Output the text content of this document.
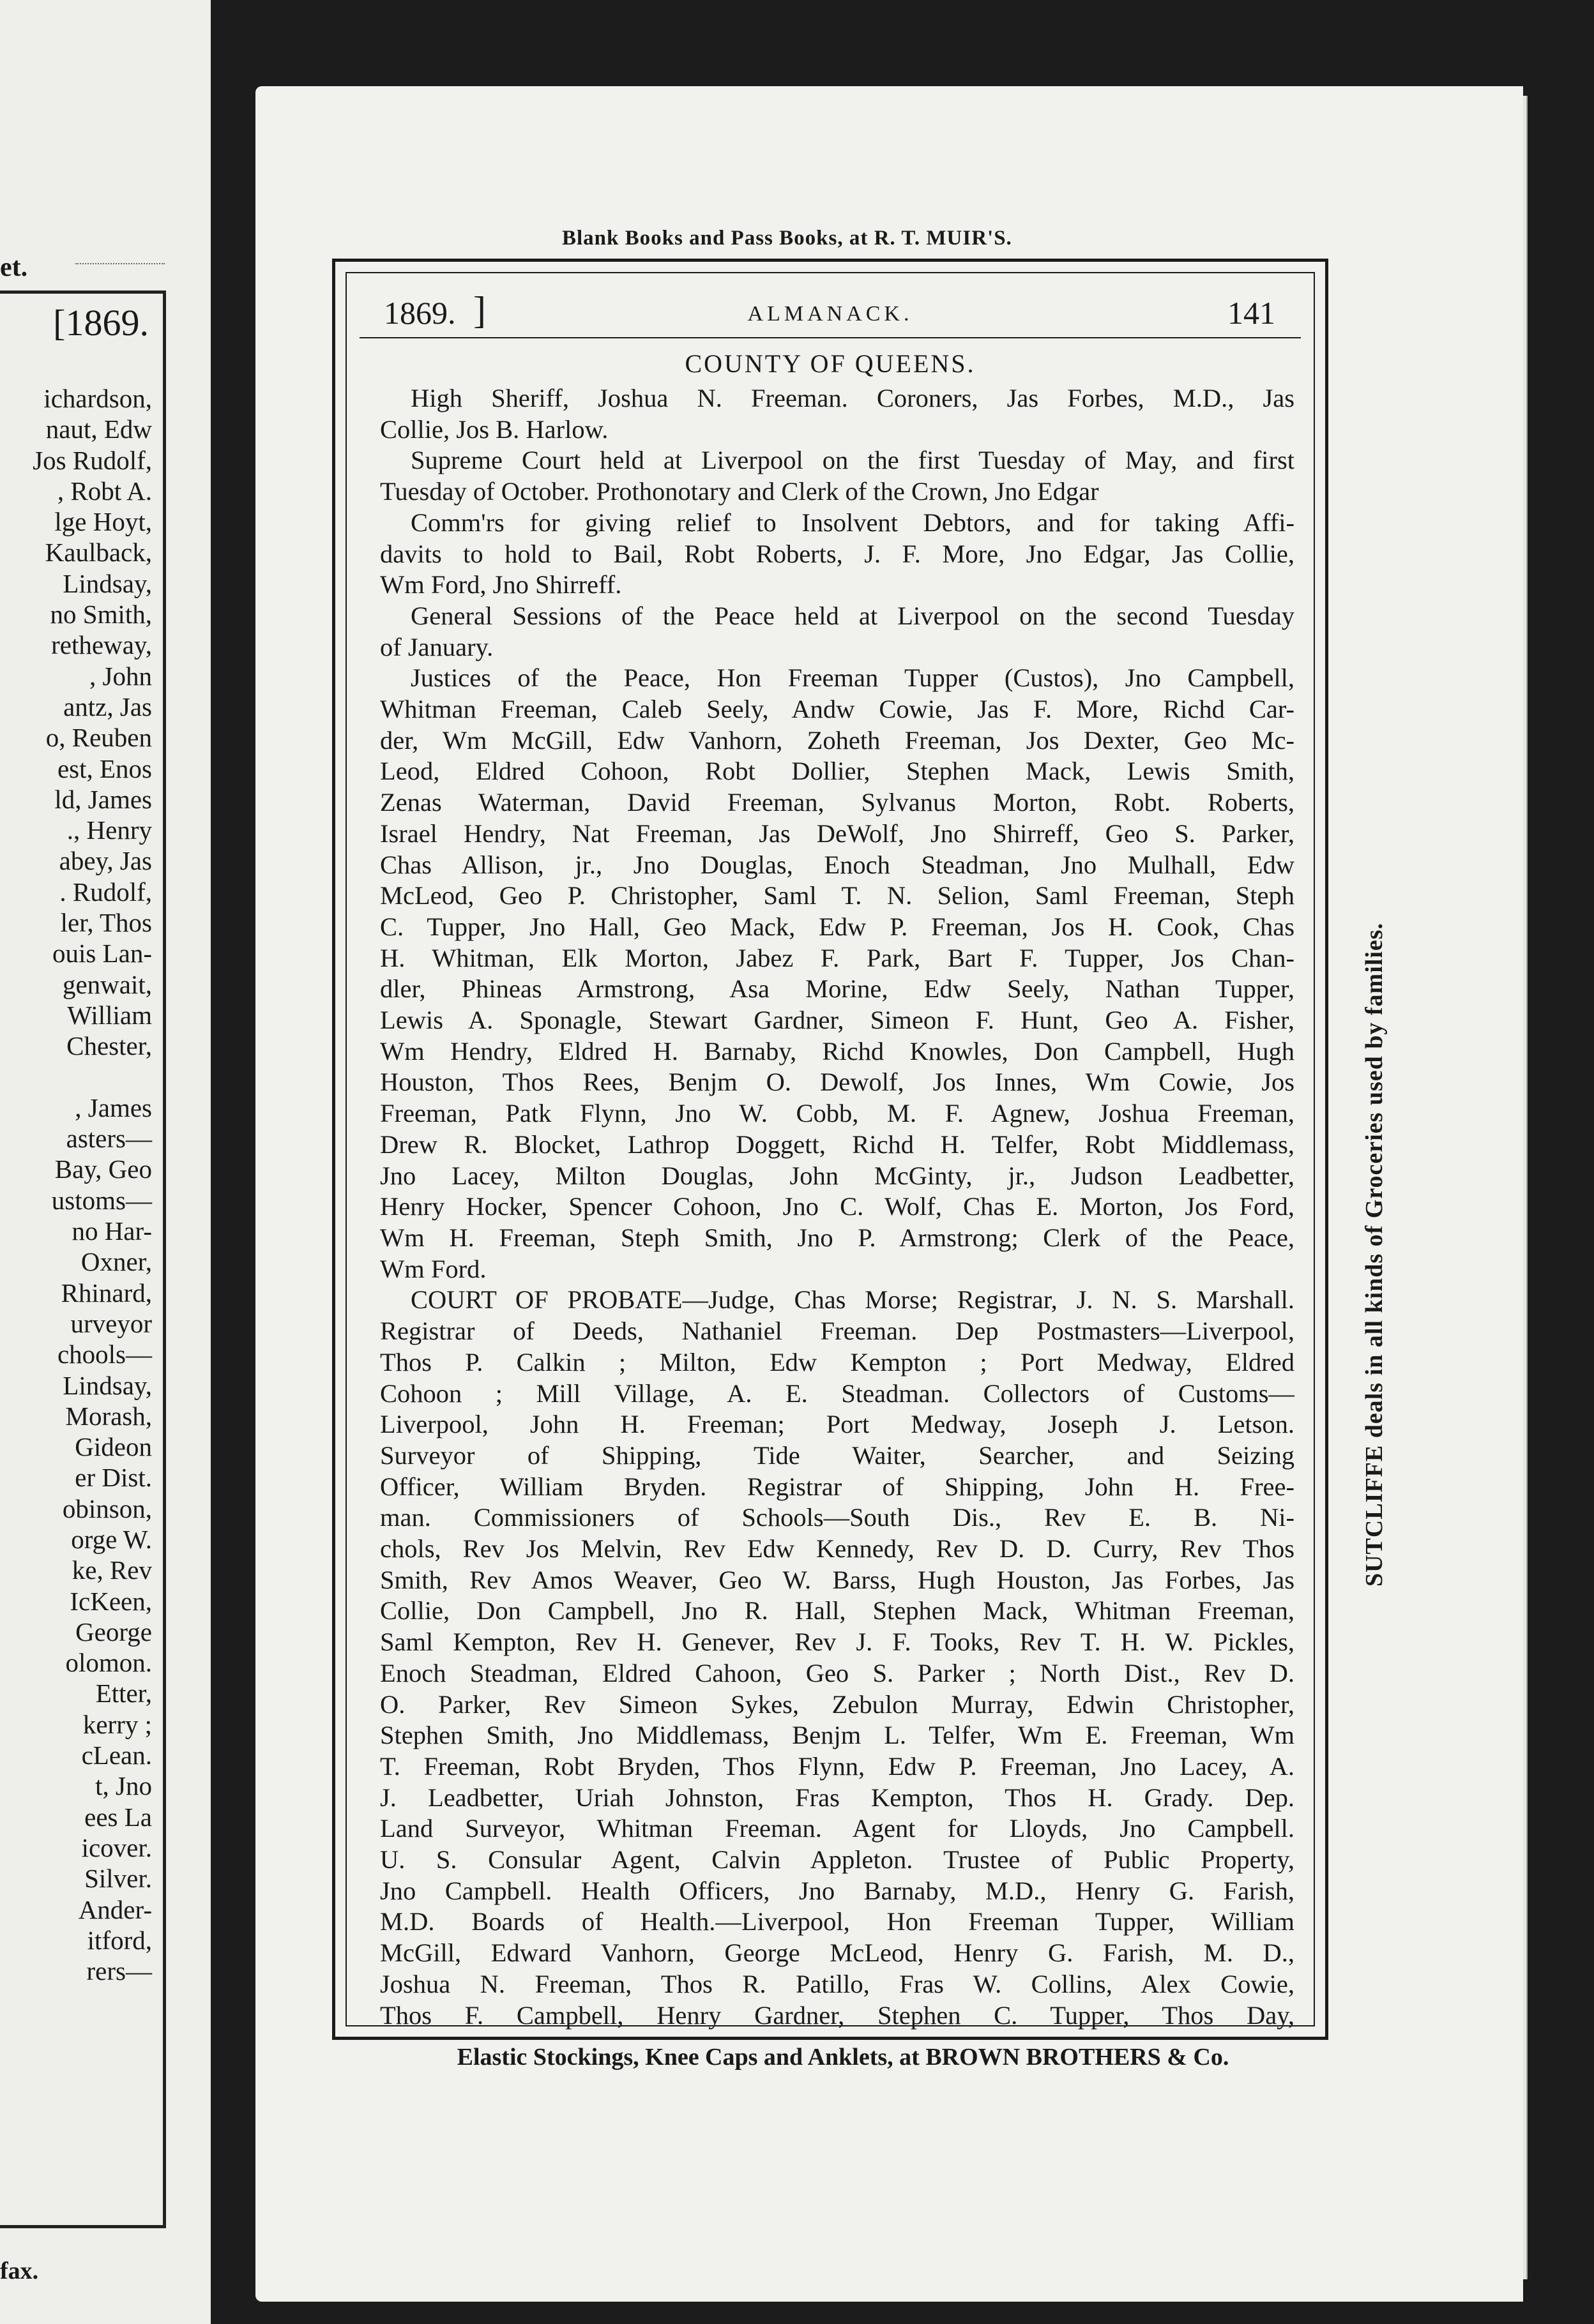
et.
[1869.
ichardson,
naut, Edw
Jos Rudolf,
, Robt A.
lge Hoyt,
Kaulback,
Lindsay,
no Smith,
retheway,
, John
antz, Jas
o, Reuben
est, Enos
ld, James
., Henry
abey, Jas
. Rudolf,
ler, Thos
ouis Lan-
genwait,
William
Chester,

, James
asters—
Bay, Geo
ustoms—
no Har-
Oxner,
Rhinard,
urveyor
chools—
Lindsay,
Morash,
Gideon
er Dist.
obinson,
orge W.
ke, Rev
IcKeen,
George
olomon.
Etter,
kerry ;
cLean.
t, Jno
ees La
icover.
Silver.
Ander-
itford,
rers—
fax.
Blank Books and Pass Books, at R. T. MUIR'S.
1869. ]	ALMANACK.	141
COUNTY OF QUEENS.
High Sheriff, Joshua N. Freeman. Coroners, Jas Forbes, M.D., Jas
Collie, Jos B. Harlow.
Supreme Court held at Liverpool on the first Tuesday of May, and first
Tuesday of October. Prothonotary and Clerk of the Crown, Jno Edgar
Comm'rs for giving relief to Insolvent Debtors, and for taking Affi-
davits to hold to Bail, Robt Roberts, J. F. More, Jno Edgar, Jas Collie,
Wm Ford, Jno Shirreff.
General Sessions of the Peace held at Liverpool on the second Tuesday
of January.
Justices of the Peace, Hon Freeman Tupper (Custos), Jno Campbell,
Whitman Freeman, Caleb Seely, Andw Cowie, Jas F. More, Richd Car-
der, Wm McGill, Edw Vanhorn, Zoheth Freeman, Jos Dexter, Geo Mc-
Leod, Eldred Cohoon, Robt Dollier, Stephen Mack, Lewis Smith,
Zenas Waterman, David Freeman, Sylvanus Morton, Robt. Roberts,
Israel Hendry, Nat Freeman, Jas DeWolf, Jno Shirreff, Geo S. Parker,
Chas Allison, jr., Jno Douglas, Enoch Steadman, Jno Mulhall, Edw
McLeod, Geo P. Christopher, Saml T. N. Selion, Saml Freeman, Steph
C. Tupper, Jno Hall, Geo Mack, Edw P. Freeman, Jos H. Cook, Chas
H. Whitman, Elk Morton, Jabez F. Park, Bart F. Tupper, Jos Chan-
dler, Phineas Armstrong, Asa Morine, Edw Seely, Nathan Tupper,
Lewis A. Sponagle, Stewart Gardner, Simeon F. Hunt, Geo A. Fisher,
Wm Hendry, Eldred H. Barnaby, Richd Knowles, Don Campbell, Hugh
Houston, Thos Rees, Benjm O. Dewolf, Jos Innes, Wm Cowie, Jos
Freeman, Patk Flynn, Jno W. Cobb, M. F. Agnew, Joshua Freeman,
Drew R. Blocket, Lathrop Doggett, Richd H. Telfer, Robt Middlemass,
Jno Lacey, Milton Douglas, John McGinty, jr., Judson Leadbetter,
Henry Hocker, Spencer Cohoon, Jno C. Wolf, Chas E. Morton, Jos Ford,
Wm H. Freeman, Steph Smith, Jno P. Armstrong; Clerk of the Peace,
Wm Ford.
COURT OF PROBATE—Judge, Chas Morse; Registrar, J. N. S. Marshall.
Registrar of Deeds, Nathaniel Freeman. Dep Postmasters—Liverpool,
Thos P. Calkin ; Milton, Edw Kempton ; Port Medway, Eldred
Cohoon ; Mill Village, A. E. Steadman. Collectors of Customs—
Liverpool, John H. Freeman; Port Medway, Joseph J. Letson.
Surveyor of Shipping, Tide Waiter, Searcher, and Seizing
Officer, William Bryden. Registrar of Shipping, John H. Free-
man. Commissioners of Schools—South Dis., Rev E. B. Ni-
chols, Rev Jos Melvin, Rev Edw Kennedy, Rev D. D. Curry, Rev Thos
Smith, Rev Amos Weaver, Geo W. Barss, Hugh Houston, Jas Forbes, Jas
Collie, Don Campbell, Jno R. Hall, Stephen Mack, Whitman Freeman,
Saml Kempton, Rev H. Genever, Rev J. F. Tooks, Rev T. H. W. Pickles,
Enoch Steadman, Eldred Cahoon, Geo S. Parker ; North Dist., Rev D.
O. Parker, Rev Simeon Sykes, Zebulon Murray, Edwin Christopher,
Stephen Smith, Jno Middlemass, Benjm L. Telfer, Wm E. Freeman, Wm
T. Freeman, Robt Bryden, Thos Flynn, Edw P. Freeman, Jno Lacey, A.
J. Leadbetter, Uriah Johnston, Fras Kempton, Thos H. Grady. Dep.
Land Surveyor, Whitman Freeman. Agent for Lloyds, Jno Campbell.
U. S. Consular Agent, Calvin Appleton. Trustee of Public Property,
Jno Campbell. Health Officers, Jno Barnaby, M.D., Henry G. Farish,
M.D. Boards of Health.—Liverpool, Hon Freeman Tupper, William
McGill, Edward Vanhorn, George McLeod, Henry G. Farish, M. D.,
Joshua N. Freeman, Thos R. Patillo, Fras W. Collins, Alex Cowie,
Thos F. Campbell, Henry Gardner, Stephen C. Tupper, Thos Day,
SUTCLIFFE deals in all kinds of Groceries used by families.
Elastic Stockings, Knee Caps and Anklets, at BROWN BROTHERS & Co.
